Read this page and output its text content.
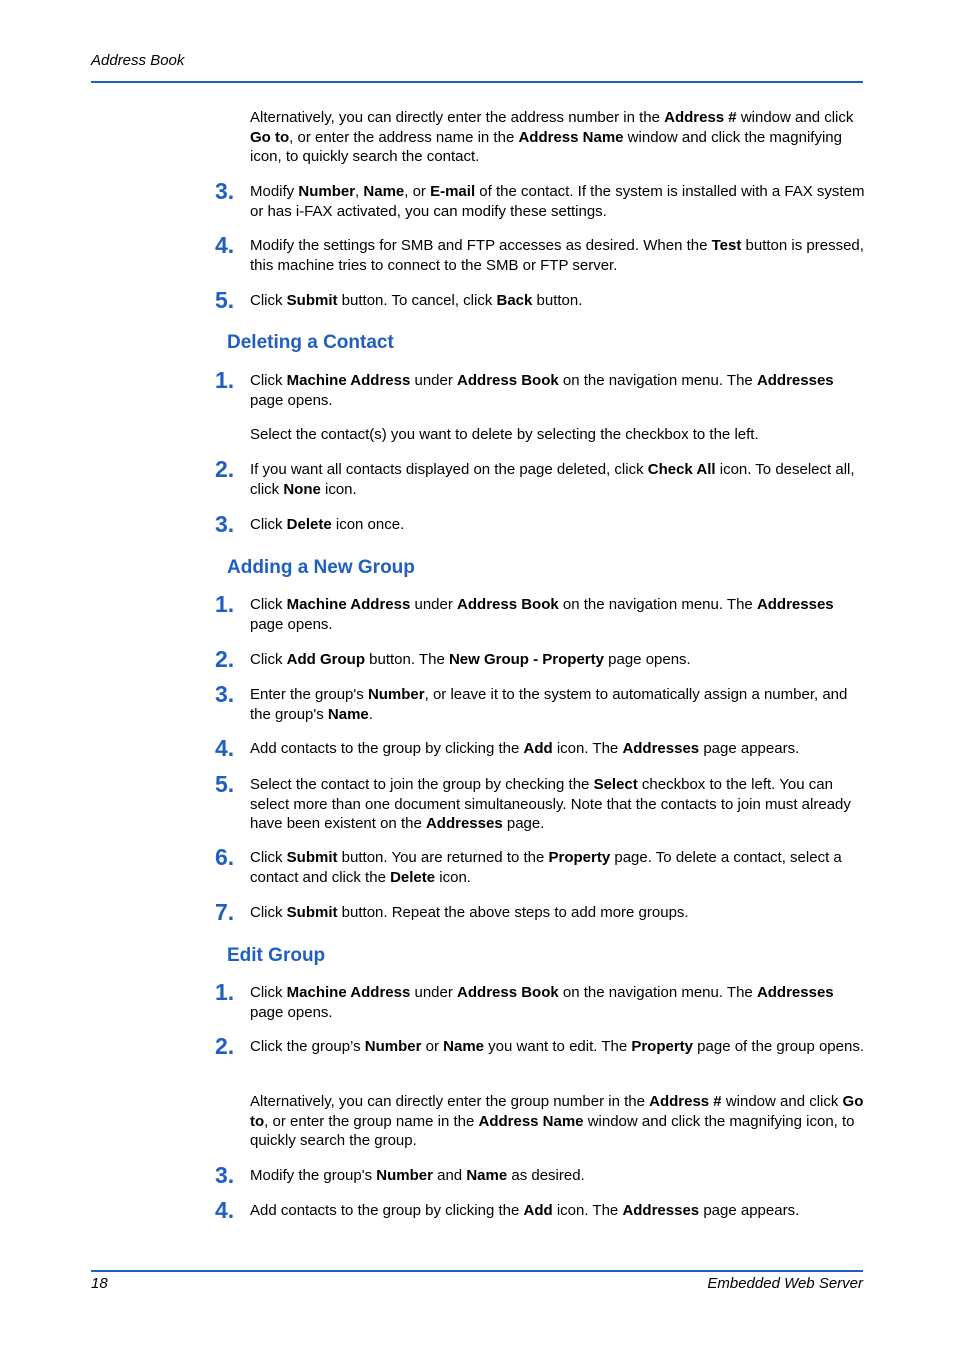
Address Book
Alternatively, you can directly enter the address number in the Address # window and click Go to, or enter the address name in the Address Name window and click the magnifying icon, to quickly search the contact.
3. Modify Number, Name, or E-mail of the contact. If the system is installed with a FAX system or has i-FAX activated, you can modify these settings.
4. Modify the settings for SMB and FTP accesses as desired. When the Test button is pressed, this machine tries to connect to the SMB or FTP server.
5. Click Submit button. To cancel, click Back button.
Deleting a Contact
1. Click Machine Address under Address Book on the navigation menu. The Addresses page opens.
Select the contact(s) you want to delete by selecting the checkbox to the left.
2. If you want all contacts displayed on the page deleted, click Check All icon. To deselect all, click None icon.
3. Click Delete icon once.
Adding a New Group
1. Click Machine Address under Address Book on the navigation menu. The Addresses page opens.
2. Click Add Group button. The New Group - Property page opens.
3. Enter the group's Number, or leave it to the system to automatically assign a number, and the group's Name.
4. Add contacts to the group by clicking the Add icon. The Addresses page appears.
5. Select the contact to join the group by checking the Select checkbox to the left. You can select more than one document simultaneously. Note that the contacts to join must already have been existent on the Addresses page.
6. Click Submit button. You are returned to the Property page. To delete a contact, select a contact and click the Delete icon.
7. Click Submit button. Repeat the above steps to add more groups.
Edit Group
1. Click Machine Address under Address Book on the navigation menu. The Addresses page opens.
2. Click the group’s Number or Name you want to edit. The Property page of the group opens.
Alternatively, you can directly enter the group number in the Address # window and click Go to, or enter the group name in the Address Name window and click the magnifying icon, to quickly search the group.
3. Modify the group's Number and Name as desired.
4. Add contacts to the group by clicking the Add icon. The Addresses page appears.
18	Embedded Web Server
